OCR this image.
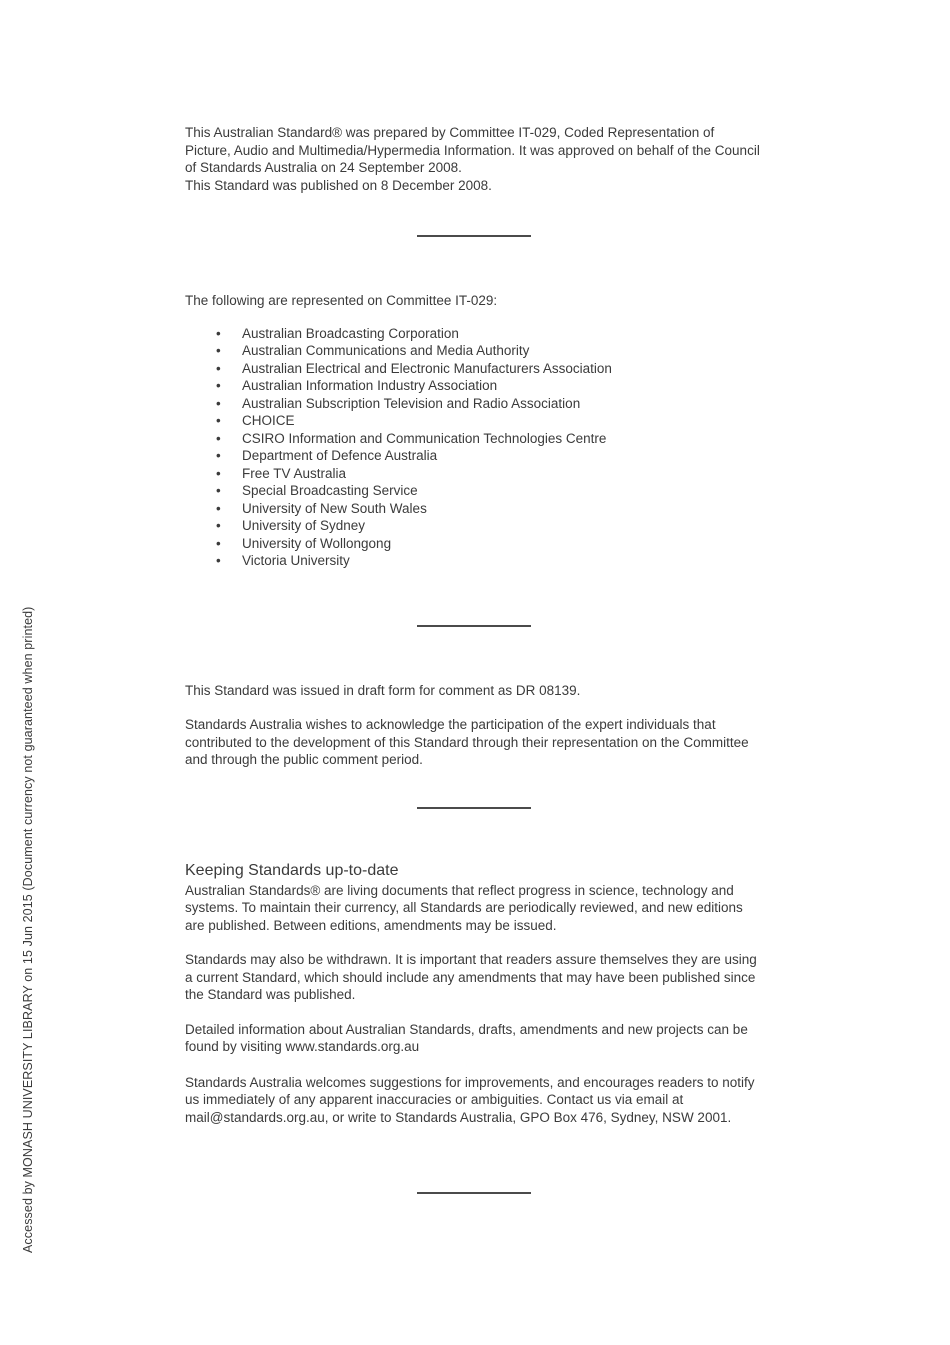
Accessed by MONASH UNIVERSITY LIBRARY on 15 Jun 2015 (Document currency not guaranteed when printed)

This Australian Standard® was prepared by Committee IT-029, Coded Representation of Picture, Audio and Multimedia/Hypermedia Information. It was approved on behalf of the Council of Standards Australia on 24 September 2008.

This Standard was published on 8 December 2008.

The following are represented on Committee IT-029:

• Australian Broadcasting Corporation
• Australian Communications and Media Authority
• Australian Electrical and Electronic Manufacturers Association
• Australian Information Industry Association
• Australian Subscription Television and Radio Association
• CHOICE
• CSIRO Information and Communication Technologies Centre
• Department of Defence Australia
• Free TV Australia
• Special Broadcasting Service
• University of New South Wales
• University of Sydney
• University of Wollongong
• Victoria University

This Standard was issued in draft form for comment as DR 08139.

Standards Australia wishes to acknowledge the participation of the expert individuals that contributed to the development of this Standard through their representation on the Committee and through the public comment period.

Keeping Standards up-to-date

Australian Standards® are living documents that reflect progress in science, technology and systems. To maintain their currency, all Standards are periodically reviewed, and new editions are published. Between editions, amendments may be issued.

Standards may also be withdrawn. It is important that readers assure themselves they are using a current Standard, which should include any amendments that may have been published since the Standard was published.

Detailed information about Australian Standards, drafts, amendments and new projects can be found by visiting www.standards.org.au

Standards Australia welcomes suggestions for improvements, and encourages readers to notify us immediately of any apparent inaccuracies or ambiguities. Contact us via email at mail@standards.org.au, or write to Standards Australia, GPO Box 476, Sydney, NSW 2001.
